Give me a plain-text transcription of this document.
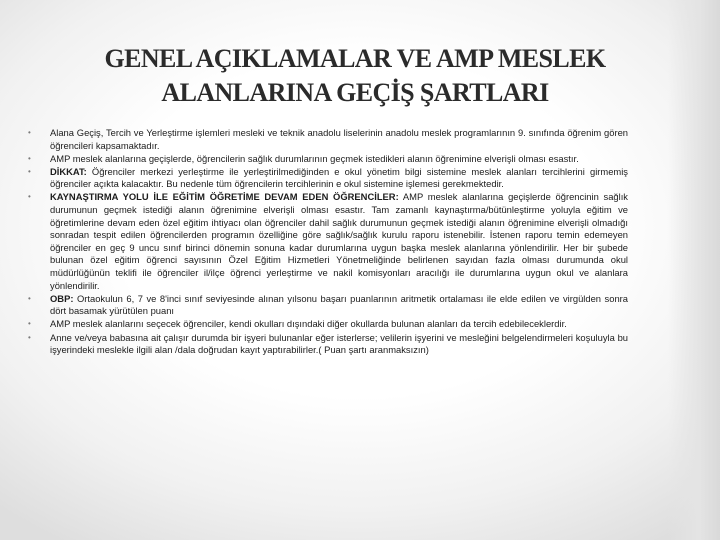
GENEL AÇIKLAMALAR VE AMP MESLEK ALANLARINA GEÇİŞ ŞARTLARI
•	Alana Geçiş, Tercih ve Yerleştirme işlemleri mesleki ve teknik anadolu liselerinin anadolu meslek programlarının 9. sınıfında öğrenim gören öğrencileri kapsamaktadır.
•	AMP meslek alanlarına geçişlerde, öğrencilerin sağlık durumlarının geçmek istedikleri alanın öğrenimine elverişli olması esastır.
•	DİKKAT: Öğrenciler merkezi yerleştirme ile yerleştirilmediğinden e okul yönetim bilgi sistemine meslek alanları tercihlerini girmemiş öğrenciler açıkta kalacaktır. Bu nedenle tüm öğrencilerin tercihlerinin e okul sistemine işlemesi gerekmektedir.
•	KAYNAŞTIRMA YOLU İLE EĞİTİM ÖĞRETİME DEVAM EDEN ÖĞRENCİLER: AMP meslek alanlarına geçişlerde öğrencinin sağlık durumunun geçmek istediği alanın öğrenimine elverişli olması esastır. Tam zamanlı kaynaştırma/bütünleştirme yoluyla eğitim ve öğretimlerine devam eden özel eğitim ihtiyacı olan öğrenciler dahil sağlık durumunun geçmek istediği alanın öğrenimine elverişli olmadığı sonradan tespit edilen öğrencilerden programın özelliğine göre sağlık/sağlık kurulu raporu istenebilir. İstenen raporu temin edemeyen öğrenciler en geç 9 uncu sınıf birinci dönemin sonuna kadar durumlarına uygun başka meslek alanlarına yönlendirilir. Her bir şubede bulunan özel eğitim öğrenci sayısının Özel Eğitim Hizmetleri Yönetmeliğinde belirlenen sayıdan fazla olması durumunda okul müdürlüğünün teklifi ile öğrenciler il/ilçe öğrenci yerleştirme ve nakil komisyonları aracılığı ile durumlarına uygun okul ve alanlara yönlendirilir.
•	OBP: Ortaokulun 6, 7 ve 8'inci sınıf seviyesinde alınan yılsonu başarı puanlarının aritmetik ortalaması ile elde edilen ve virgülden sonra dört basamak yürütülen puanı
•	AMP meslek alanlarını seçecek öğrenciler, kendi okulları dışındaki diğer okullarda bulunan alanları da tercih edebileceklerdir.
•	Anne ve/veya babasına ait çalışır durumda bir işyeri bulunanlar eğer isterlerse; velilerin işyerini ve mesleğini belgelendirmeleri koşuluyla bu işyerindeki meslekle ilgili alan /dala doğrudan kayıt yaptırabilirler.( Puan şartı aranmaksızın)
